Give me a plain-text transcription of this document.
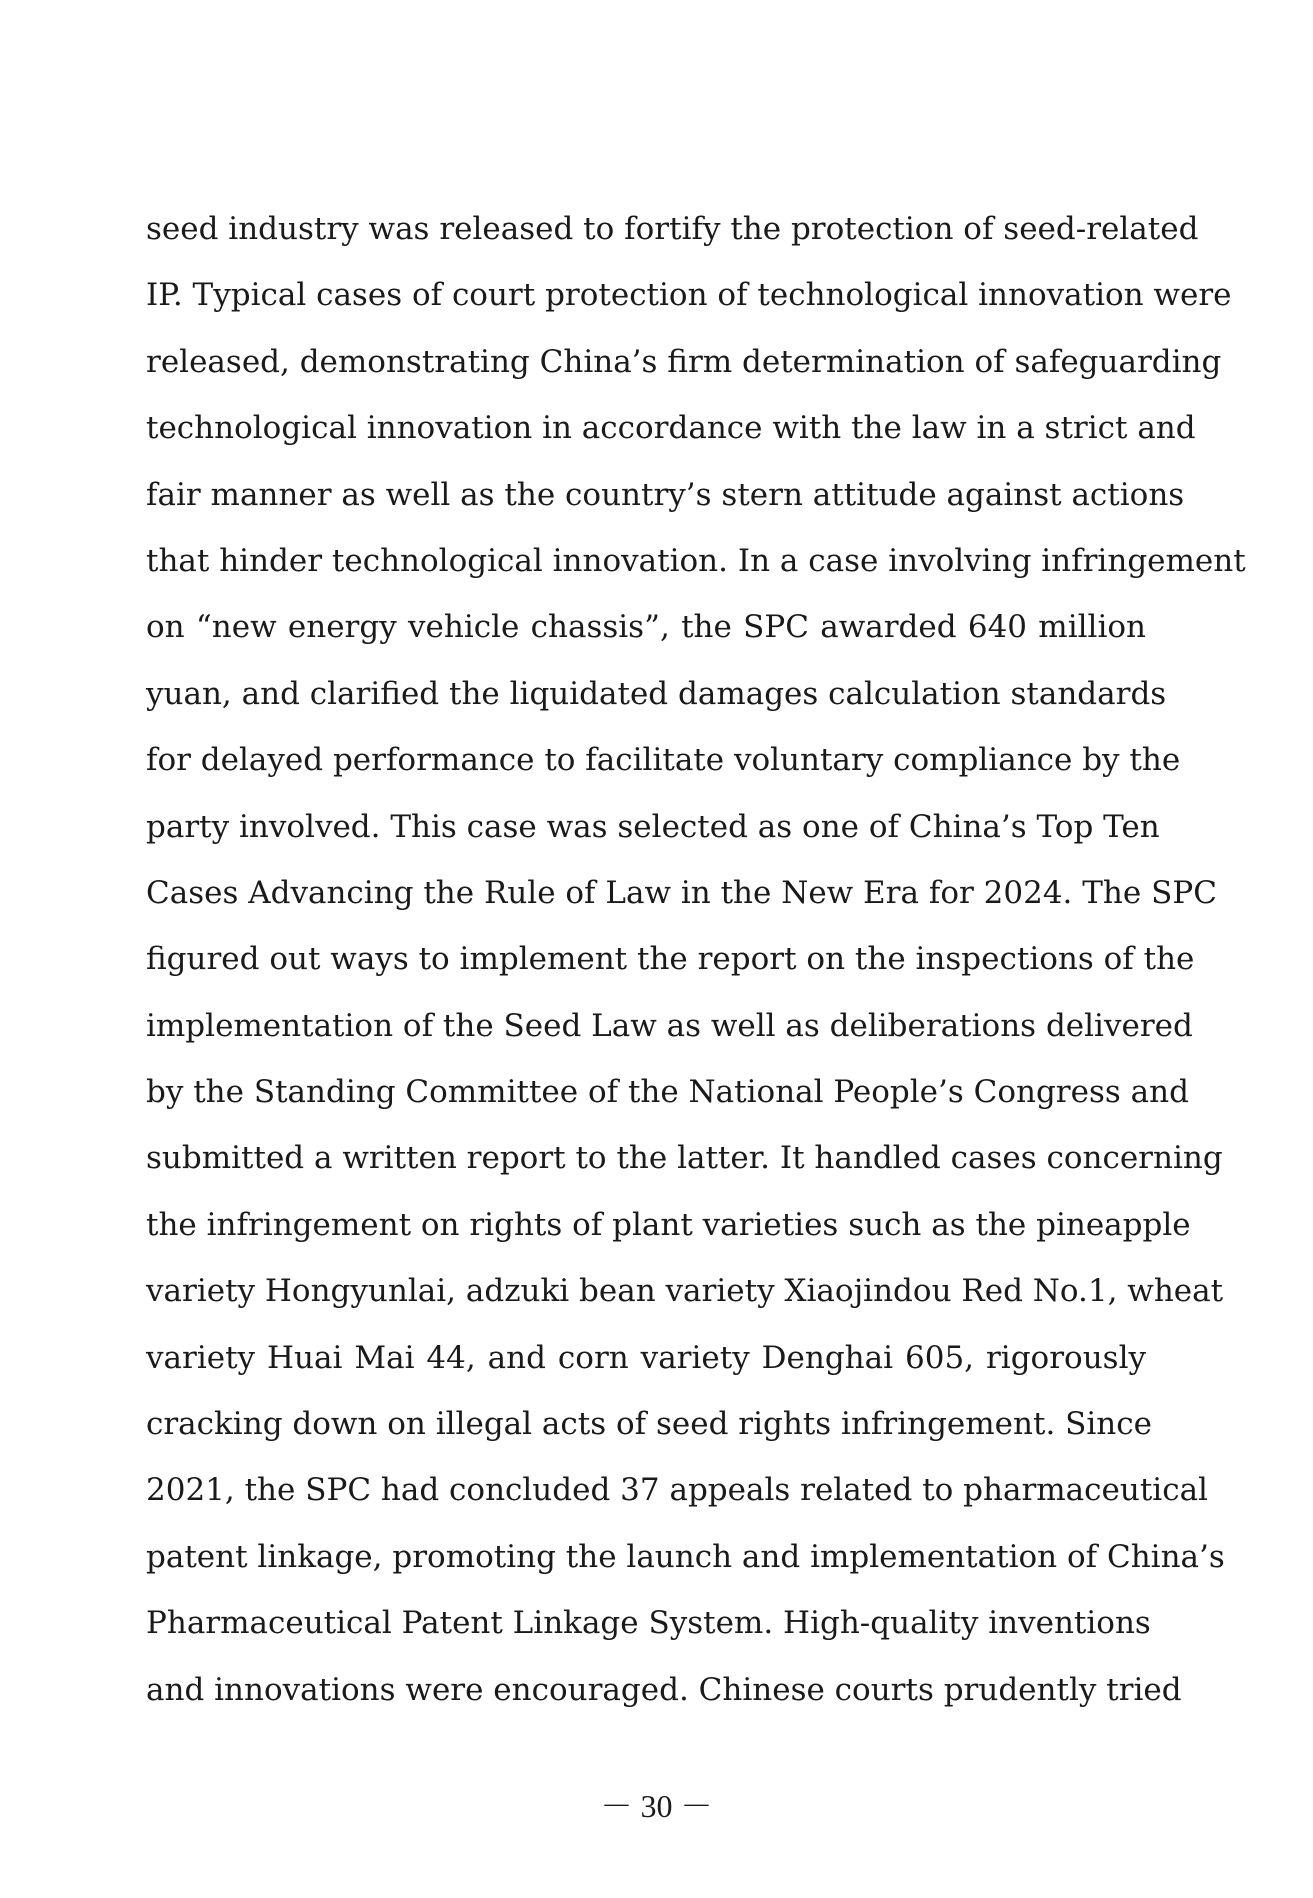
seed industry was released to fortify the protection of seed-related
IP. Typical cases of court protection of technological innovation were
released, demonstrating China’s firm determination of safeguarding
technological innovation in accordance with the law in a strict and
fair manner as well as the country’s stern attitude against actions
that hinder technological innovation. In a case involving infringement
on “new energy vehicle chassis”, the SPC awarded 640 million
yuan, and clarified the liquidated damages calculation standards
for delayed performance to facilitate voluntary compliance by the
party involved. This case was selected as one of China’s Top Ten
Cases Advancing the Rule of Law in the New Era for 2024. The SPC
figured out ways to implement the report on the inspections of the
implementation of the Seed Law as well as deliberations delivered
by the Standing Committee of the National People’s Congress and
submitted a written report to the latter. It handled cases concerning
the infringement on rights of plant varieties such as the pineapple
variety Hongyunlai, adzuki bean variety Xiaojindou Red No.1, wheat
variety Huai Mai 44, and corn variety Denghai 605, rigorously
cracking down on illegal acts of seed rights infringement. Since
2021, the SPC had concluded 37 appeals related to pharmaceutical
patent linkage, promoting the launch and implementation of China’s
Pharmaceutical Patent Linkage System. High-quality inventions
and innovations were encouraged. Chinese courts prudently tried
－ 30 －
